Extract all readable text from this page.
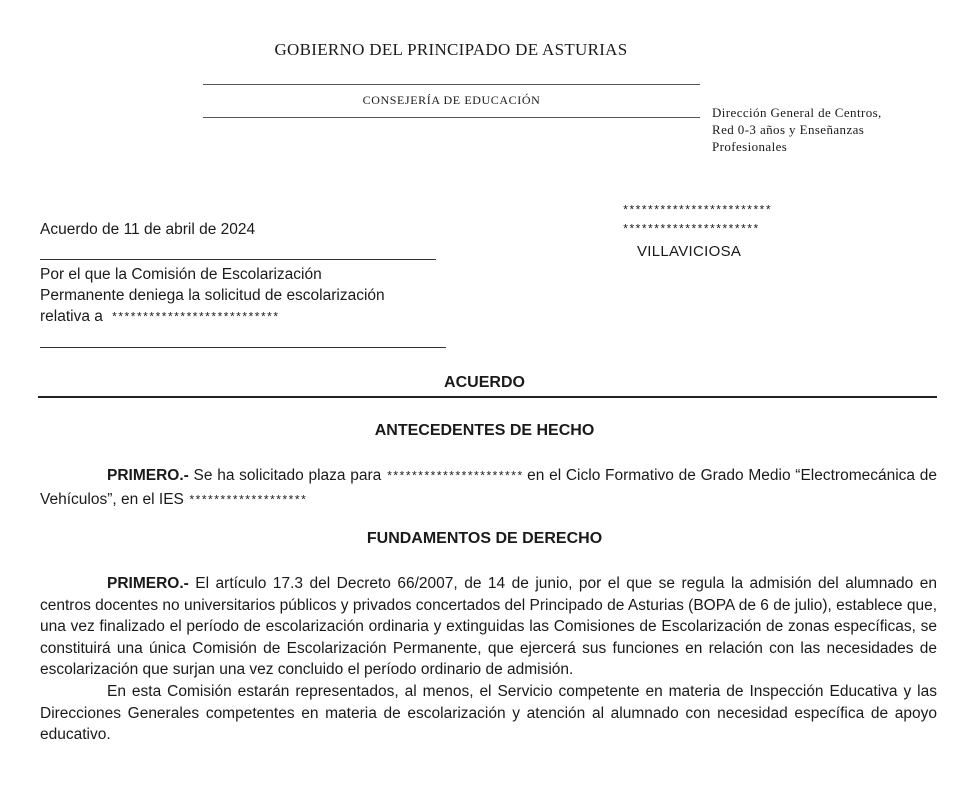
GOBIERNO DEL PRINCIPADO DE ASTURIAS
CONSEJERÍA DE EDUCACIÓN
Dirección General de Centros,
Red 0-3 años y Enseñanzas
Profesionales
************************
**********************
VILLAVICIOSA
Acuerdo de 11 de abril de 2024
Por el que la Comisión de Escolarización
Permanente deniega la solicitud de escolarización
relativa a ***************************
ACUERDO
ANTECEDENTES DE HECHO

PRIMERO.- Se ha solicitado plaza para ********************** en el Ciclo Formativo de Grado Medio “Electromecánica de Vehículos”, en el IES *******************

FUNDAMENTOS DE DERECHO

PRIMERO.- El artículo 17.3 del Decreto 66/2007, de 14 de junio, por el que se regula la admisión del alumnado en centros docentes no universitarios públicos y privados concertados del Principado de Asturias (BOPA de 6 de julio), establece que, una vez finalizado el período de escolarización ordinaria y extinguidas las Comisiones de Escolarización de zonas específicas, se constituirá una única Comisión de Escolarización Permanente, que ejercerá sus funciones en relación con las necesidades de escolarización que surjan una vez concluido el período ordinario de admisión.

En esta Comisión estarán representados, al menos, el Servicio competente en materia de Inspección Educativa y las Direcciones Generales competentes en materia de escolarización y atención al alumnado con necesidad específica de apoyo educativo.
